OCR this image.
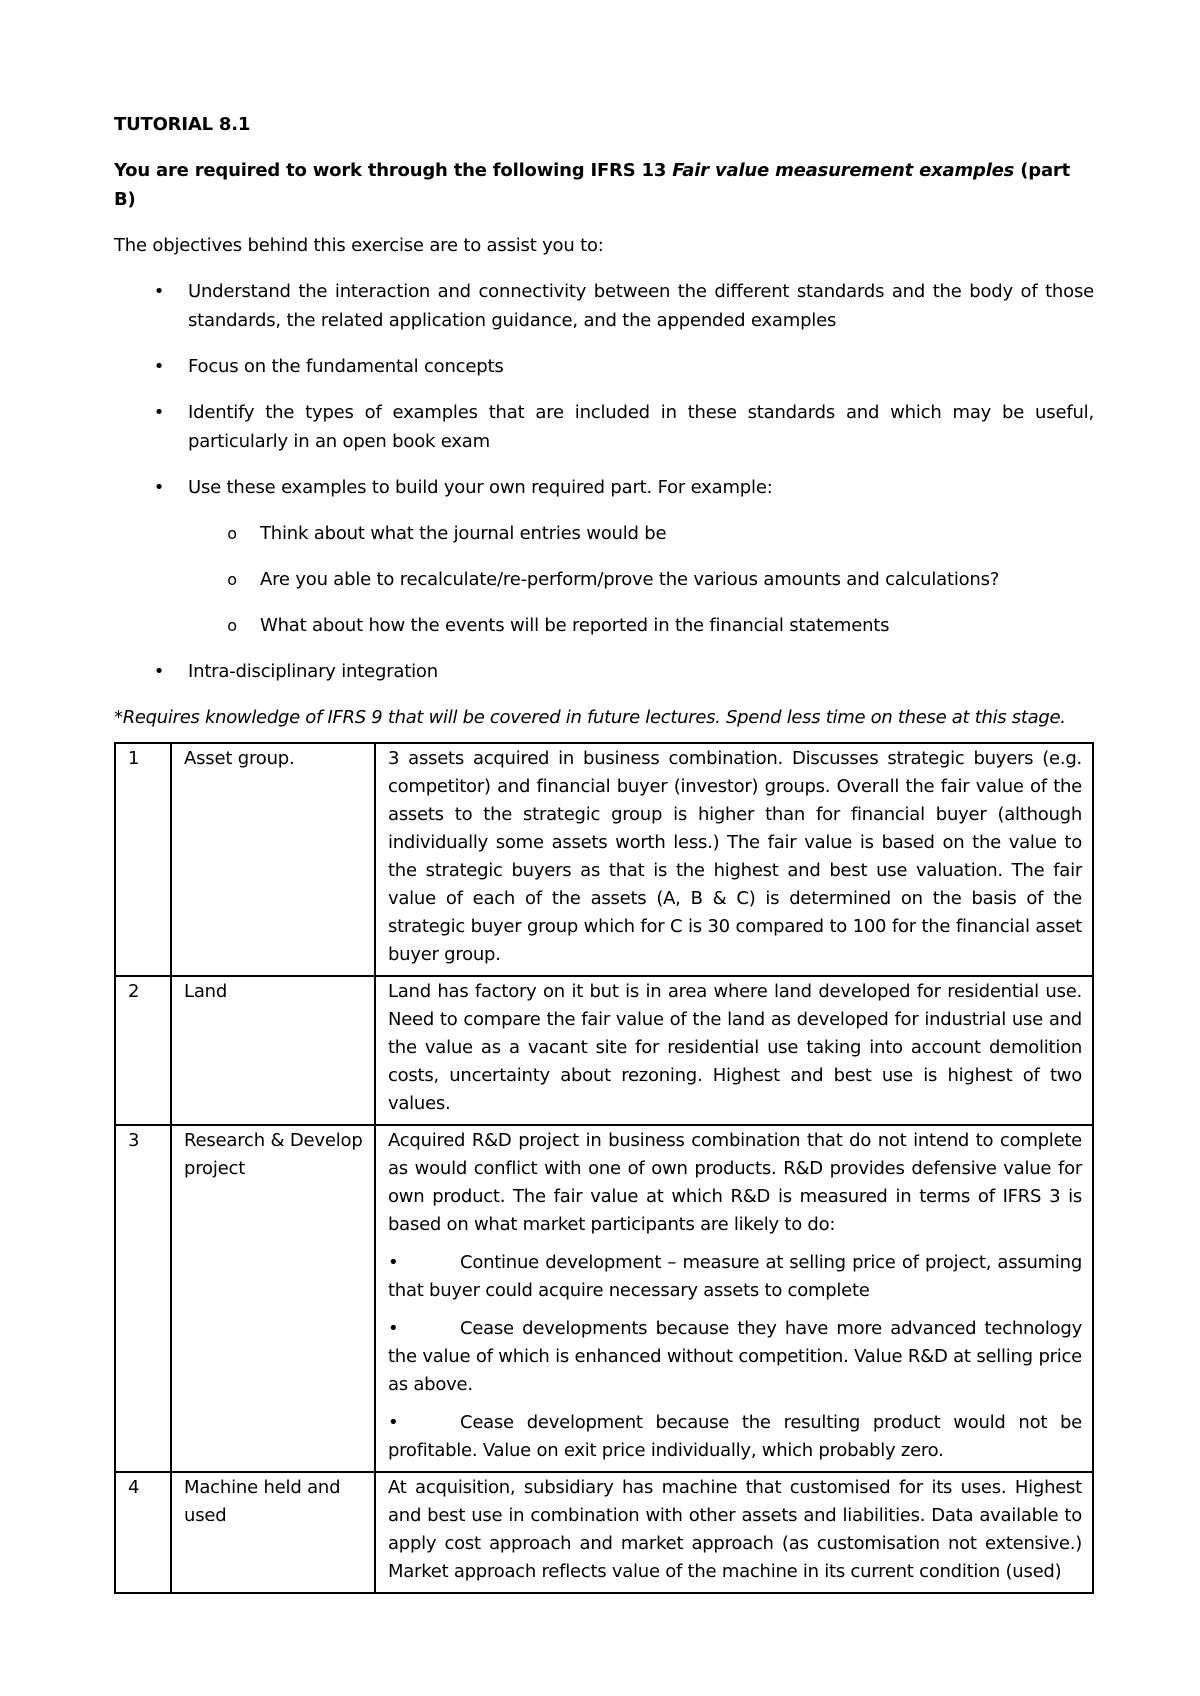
TUTORIAL 8.1
You are required to work through the following IFRS 13 Fair value measurement examples (part B)
The objectives behind this exercise are to assist you to:
• Understand the interaction and connectivity between the different standards and the body of those standards, the related application guidance, and the appended examples
• Focus on the fundamental concepts
• Identify the types of examples that are included in these standards and which may be useful, particularly in an open book exam
• Use these examples to build your own required part. For example:
o Think about what the journal entries would be
o Are you able to recalculate/re-perform/prove the various amounts and calculations?
o What about how the events will be reported in the financial statements
• Intra-disciplinary integration
*Requires knowledge of IFRS 9 that will be covered in future lectures. Spend less time on these at this stage.
1	Asset group.	3 assets acquired in business combination. Discusses strategic buyers (e.g. competitor) and financial buyer (investor) groups. Overall the fair value of the assets to the strategic group is higher than for financial buyer (although individually some assets worth less.) The fair value is based on the value to the strategic buyers as that is the highest and best use valuation. The fair value of each of the assets (A, B & C) is determined on the basis of the strategic buyer group which for C is 30 compared to 100 for the financial asset buyer group.
2	Land	Land has factory on it but is in area where land developed for residential use. Need to compare the fair value of the land as developed for industrial use and the value as a vacant site for residential use taking into account demolition costs, uncertainty about rezoning. Highest and best use is highest of two values.
3	Research & Develop project	Acquired R&D project in business combination that do not intend to complete as would conflict with one of own products. R&D provides defensive value for own product. The fair value at which R&D is measured in terms of IFRS 3 is based on what market participants are likely to do:
• Continue development – measure at selling price of project, assuming that buyer could acquire necessary assets to complete
• Cease developments because they have more advanced technology the value of which is enhanced without competition. Value R&D at selling price as above.
• Cease development because the resulting product would not be profitable. Value on exit price individually, which probably zero.

4	Machine held and used	At acquisition, subsidiary has machine that customised for its uses. Highest and best use in combination with other assets and liabilities. Data available to apply cost approach and market approach (as customisation not extensive.) Market approach reflects value of the machine in its current condition (used)
